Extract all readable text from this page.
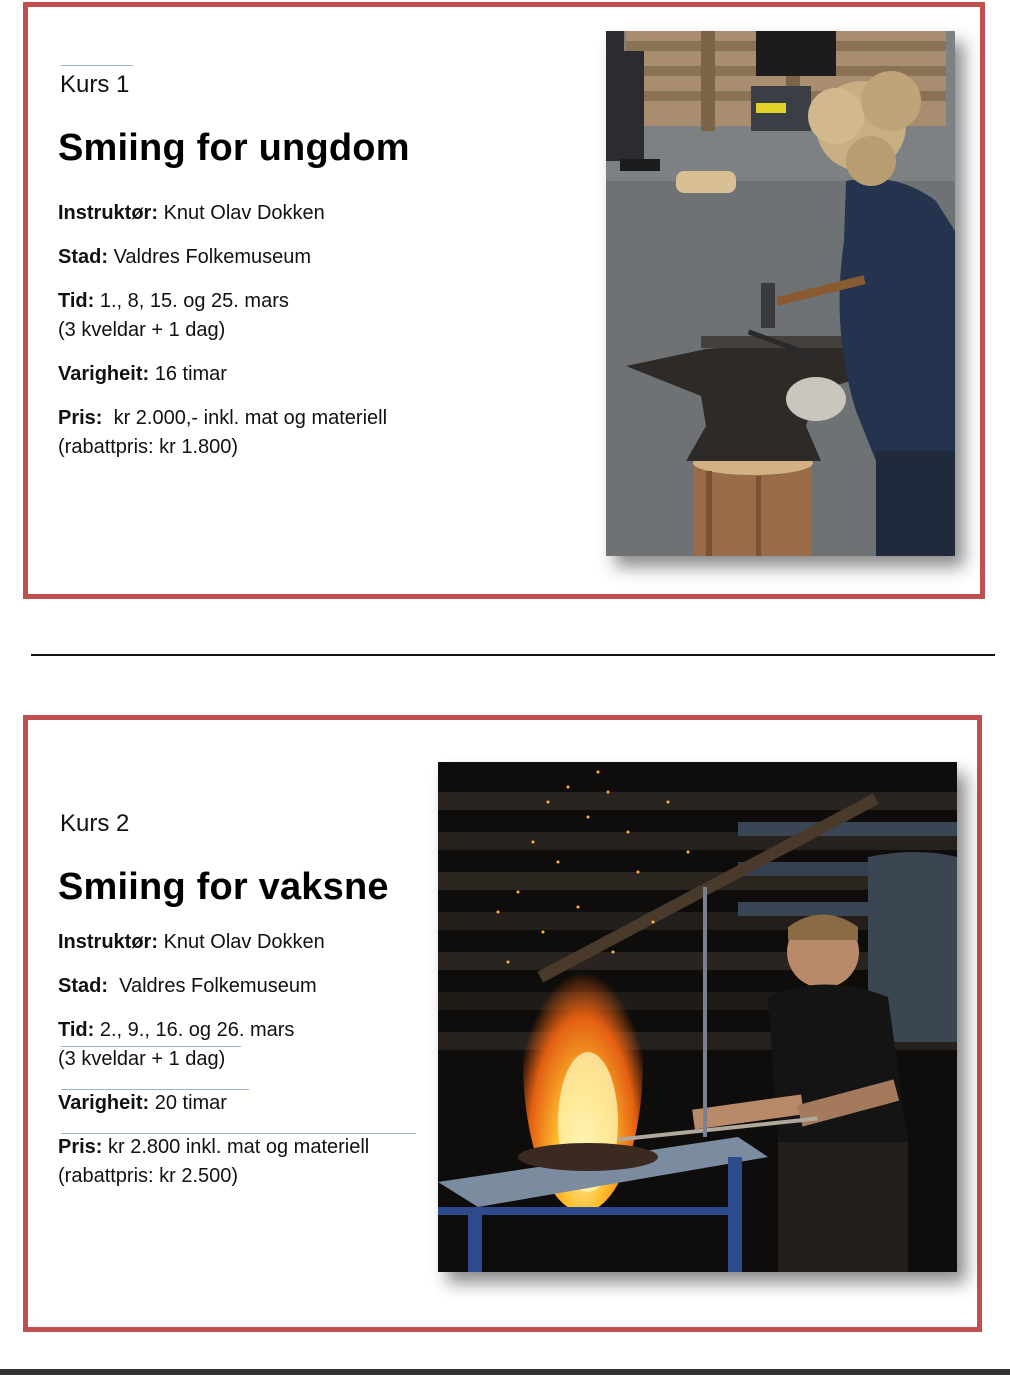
Kurs 1
Smiing for ungdom

Instruktør: Knut Olav Dokken

Stad: Valdres Folkemuseum

Tid: 1., 8, 15. og 25. mars
(3 kveldar + 1 dag)

Varigheit: 16 timar

Pris: kr 2.000,- inkl. mat og materiell
(rabattpris: kr 1.800)

Kurs 2
Smiing for vaksne

Instruktør: Knut Olav Dokken

Stad: Valdres Folkemuseum

Tid: 2., 9., 16. og 26. mars
(3 kveldar + 1 dag)

Varigheit: 20 timar

Pris: kr 2.800 inkl. mat og materiell
(rabattpris: kr 2.500)
